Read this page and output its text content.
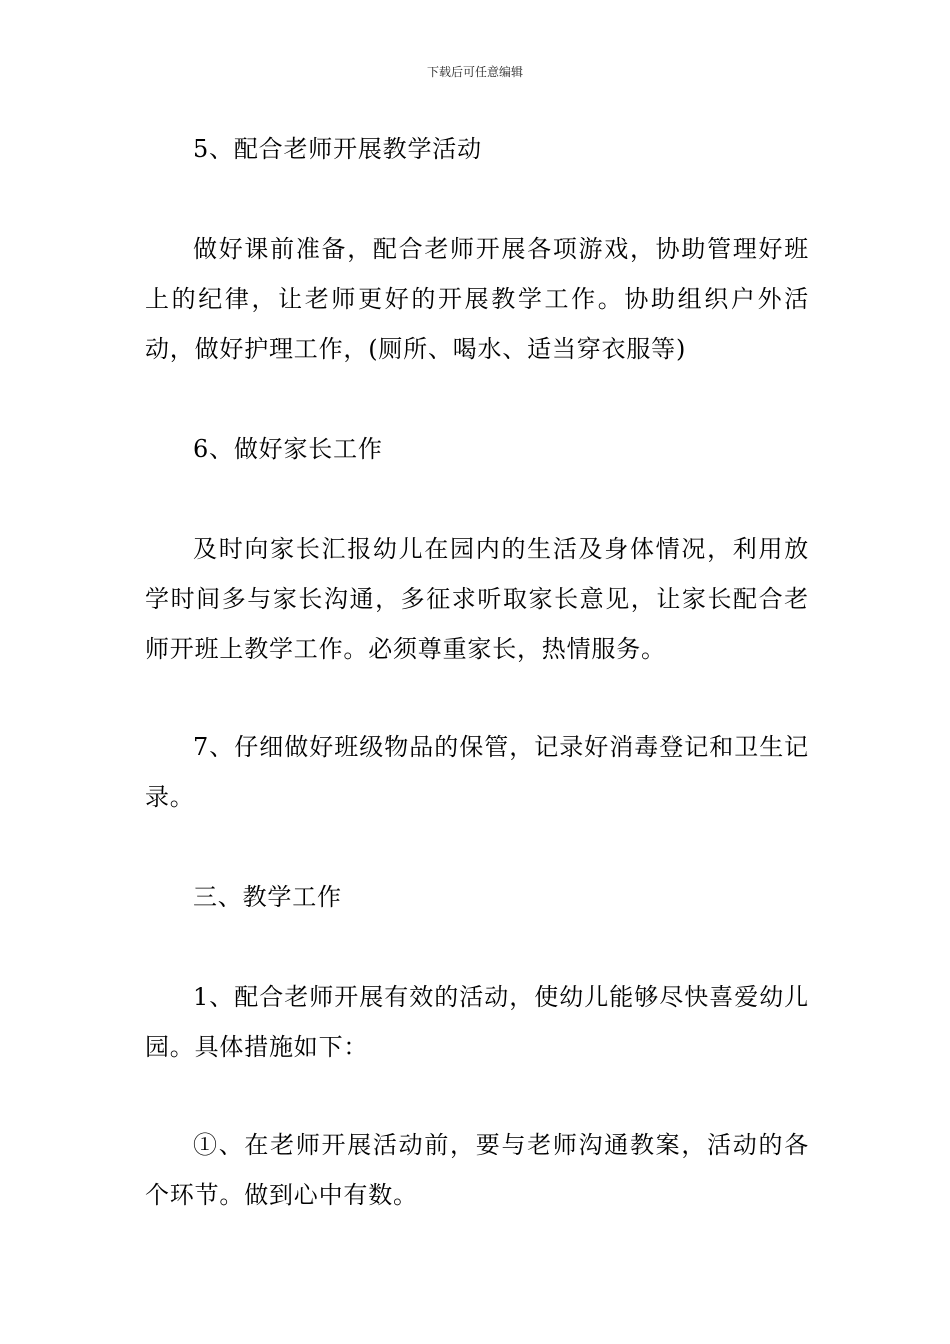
下载后可任意编辑

5、配合老师开展教学活动

做好课前准备，配合老师开展各项游戏，协助管理好班上的纪律，让老师更好的开展教学工作。协助组织户外活动，做好护理工作，(厕所、喝水、适当穿衣服等)

6、做好家长工作

及时向家长汇报幼儿在园内的生活及身体情况，利用放学时间多与家长沟通，多征求听取家长意见，让家长配合老师开班上教学工作。必须尊重家长，热情服务。

7、仔细做好班级物品的保管，记录好消毒登记和卫生记录。

三、教学工作

1、配合老师开展有效的活动，使幼儿能够尽快喜爱幼儿园。具体措施如下：

①、在老师开展活动前，要与老师沟通教案，活动的各个环节。做到心中有数。
